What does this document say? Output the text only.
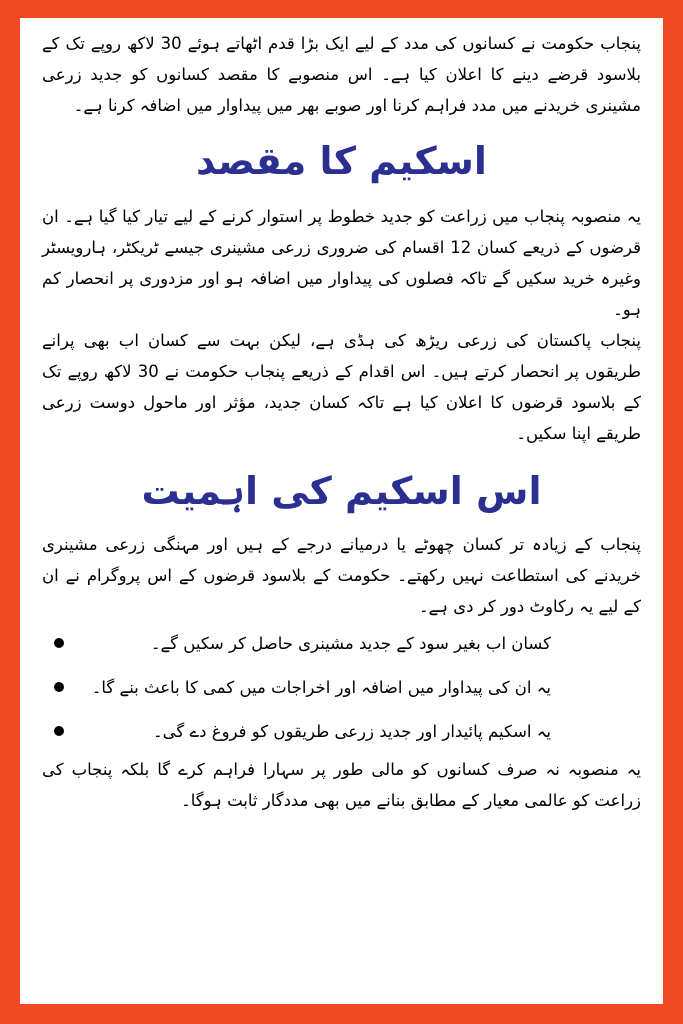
پنجاب حکومت نے کسانوں کی مدد کے لیے ایک بڑا قدم اٹھاتے ہوئے 30 لاکھ روپے تک کے بلاسود قرضے دینے کا اعلان کیا ہے۔ اس منصوبے کا مقصد کسانوں کو جدید زرعی مشینری خریدنے میں مدد فراہم کرنا اور صوبے بھر میں پیداوار میں اضافہ کرنا ہے۔

اسکیم کا مقصد

یہ منصوبہ پنجاب میں زراعت کو جدید خطوط پر استوار کرنے کے لیے تیار کیا گیا ہے۔ ان قرضوں کے ذریعے کسان 12 اقسام کی ضروری زرعی مشینری جیسے ٹریکٹر، ہارویسٹر وغیرہ خرید سکیں گے تاکہ فصلوں کی پیداوار میں اضافہ ہو اور مزدوری پر انحصار کم ہو۔

پنجاب پاکستان کی زرعی ریڑھ کی ہڈی ہے، لیکن بہت سے کسان اب بھی پرانے طریقوں پر انحصار کرتے ہیں۔ اس اقدام کے ذریعے پنجاب حکومت نے 30 لاکھ روپے تک کے بلاسود قرضوں کا اعلان کیا ہے تاکہ کسان جدید، مؤثر اور ماحول دوست زرعی طریقے اپنا سکیں۔

اس اسکیم کی اہمیت

پنجاب کے زیادہ تر کسان چھوٹے یا درمیانے درجے کے ہیں اور مہنگی زرعی مشینری خریدنے کی استطاعت نہیں رکھتے۔ حکومت کے بلاسود قرضوں کے اس پروگرام نے ان کے لیے یہ رکاوٹ دور کر دی ہے۔

کسان اب بغیر سود کے جدید مشینری حاصل کر سکیں گے۔
یہ ان کی پیداوار میں اضافہ اور اخراجات میں کمی کا باعث بنے گا۔
یہ اسکیم پائیدار اور جدید زرعی طریقوں کو فروغ دے گی۔

یہ منصوبہ نہ صرف کسانوں کو مالی طور پر سہارا فراہم کرے گا بلکہ پنجاب کی زراعت کو عالمی معیار کے مطابق بنانے میں بھی مددگار ثابت ہوگا۔
